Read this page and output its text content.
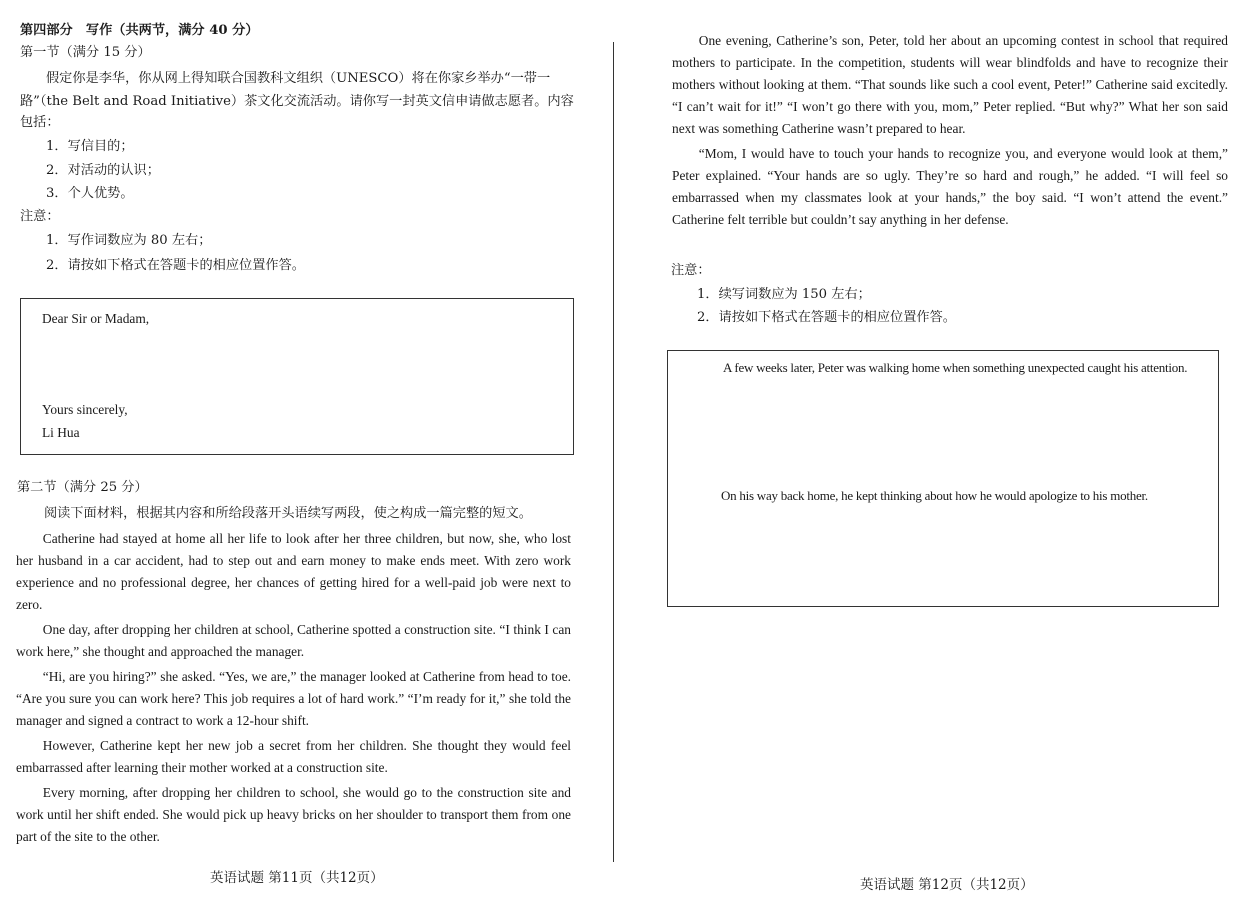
第四部分　写作（共两节，满分 40 分）
第一节（满分 15 分）
假定你是李华，你从网上得知联合国教科文组织（UNESCO）将在你家乡举办“一带一
路”（the Belt and Road Initiative）茶文化交流活动。请你写一封英文信申请做志愿者。内容
包括：
1．写信目的；
2．对活动的认识；
3．个人优势。
注意：
1．写作词数应为 80 左右；
2．请按如下格式在答题卡的相应位置作答。
Dear Sir or Madam,
Yours sincerely,
Li Hua
第二节（满分 25 分）
阅读下面材料，根据其内容和所给段落开头语续写两段，使之构成一篇完整的短文。

Catherine had stayed at home all her life to look after her three children, but now, she, who lost her husband in a car accident, had to step out and earn money to make ends meet. With zero work experience and no professional degree, her chances of getting hired for a well-paid job were next to zero.

One day, after dropping her children at school, Catherine spotted a construction site. “I think I can work here,” she thought and approached the manager.

“Hi, are you hiring?” she asked. “Yes, we are,” the manager looked at Catherine from head to toe. “Are you sure you can work here? This job requires a lot of hard work.” “I’m ready for it,” she told the manager and signed a contract to work a 12-hour shift.

However, Catherine kept her new job a secret from her children. She thought they would feel embarrassed after learning their mother worked at a construction site.

Every morning, after dropping her children to school, she would go to the construction site and work until her shift ended. She would pick up heavy bricks on her shoulder to transport them from one part of the site to the other.

英语试题 第11页（共12页）

One evening, Catherine’s son, Peter, told her about an upcoming contest in school that required mothers to participate. In the competition, students will wear blindfolds and have to recognize their mothers without looking at them. “That sounds like such a cool event, Peter!” Catherine said excitedly. “I can’t wait for it!” “I won’t go there with you, mom,” Peter replied. “But why?” What her son said next was something Catherine wasn’t prepared to hear.

“Mom, I would have to touch your hands to recognize you, and everyone would look at them,” Peter explained. “Your hands are so ugly. They’re so hard and rough,” he added. “I will feel so embarrassed when my classmates look at your hands,” the boy said. “I won’t attend the event.” Catherine felt terrible but couldn’t say anything in her defense.

注意：
1．续写词数应为 150 左右；
2．请按如下格式在答题卡的相应位置作答。
A few weeks later, Peter was walking home when something unexpected caught his attention.
On his way back home, he kept thinking about how he would apologize to his mother.
英语试题 第12页（共12页）
